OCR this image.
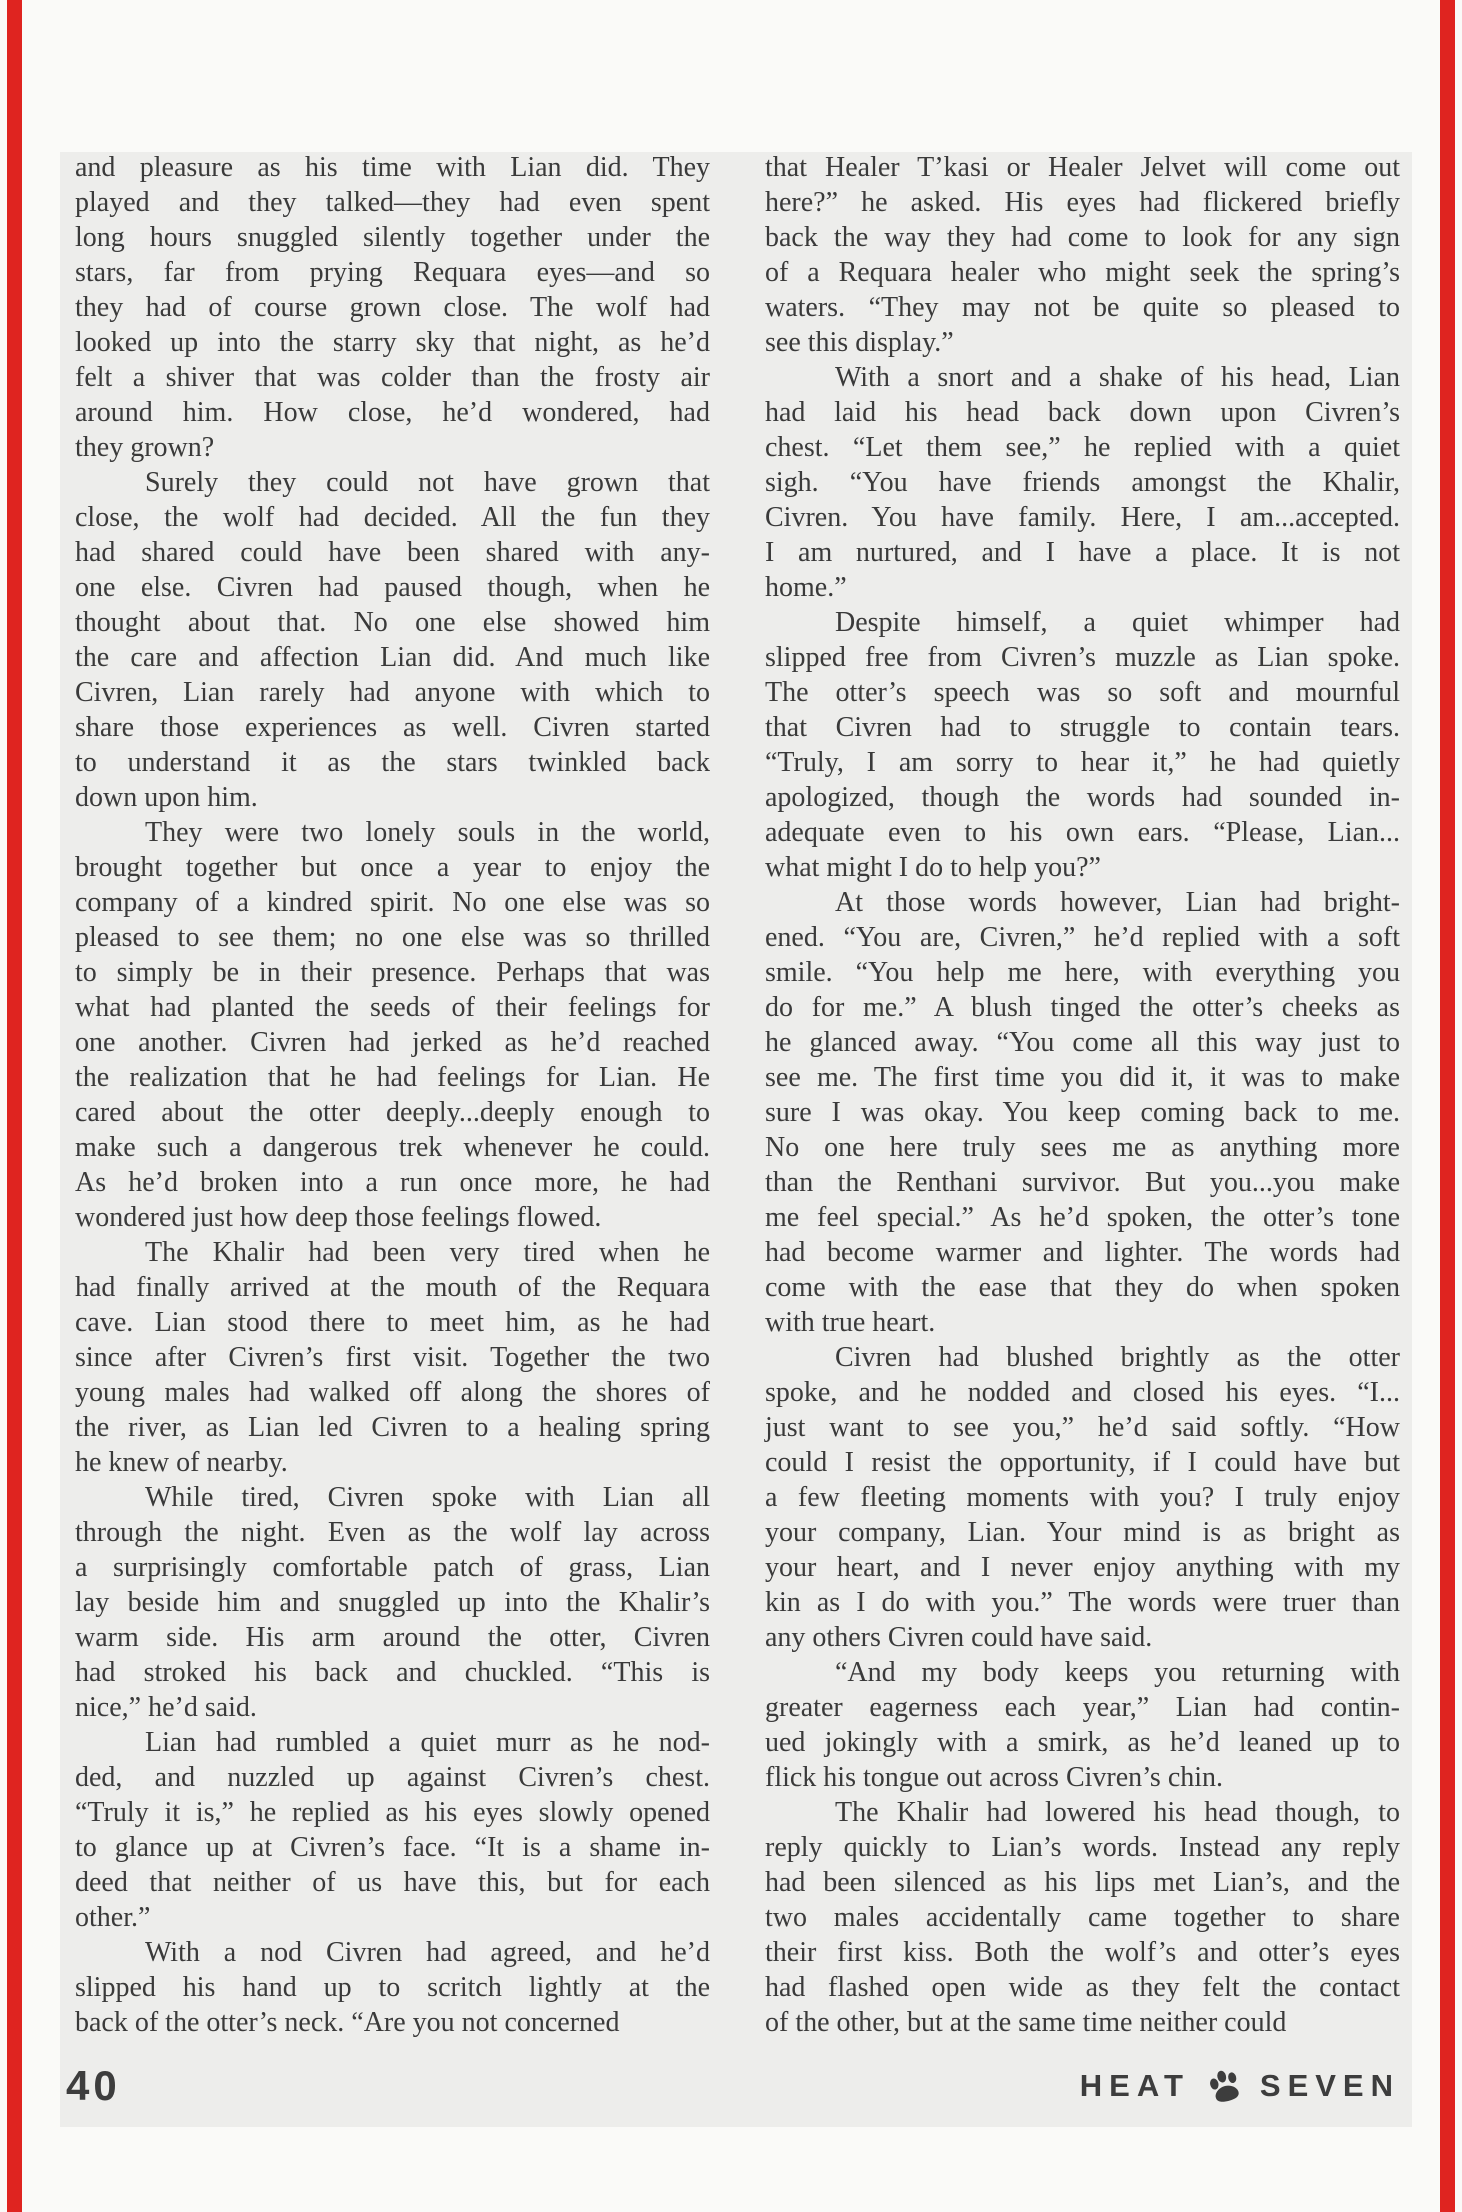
and pleasure as his time with Lian did. They
played and they talked—they had even spent
long hours snuggled silently together under the
stars, far from prying Requara eyes—and so
they had of course grown close. The wolf had
looked up into the starry sky that night, as he’d
felt a shiver that was colder than the frosty air
around him. How close, he’d wondered, had
they grown?
Surely they could not have grown that
close, the wolf had decided. All the fun they
had shared could have been shared with any-
one else. Civren had paused though, when he
thought about that. No one else showed him
the care and affection Lian did. And much like
Civren, Lian rarely had anyone with which to
share those experiences as well. Civren started
to understand it as the stars twinkled back
down upon him.
They were two lonely souls in the world,
brought together but once a year to enjoy the
company of a kindred spirit. No one else was so
pleased to see them; no one else was so thrilled
to simply be in their presence. Perhaps that was
what had planted the seeds of their feelings for
one another. Civren had jerked as he’d reached
the realization that he had feelings for Lian. He
cared about the otter deeply...deeply enough to
make such a dangerous trek whenever he could.
As he’d broken into a run once more, he had
wondered just how deep those feelings flowed.
The Khalir had been very tired when he
had finally arrived at the mouth of the Requara
cave. Lian stood there to meet him, as he had
since after Civren’s first visit. Together the two
young males had walked off along the shores of
the river, as Lian led Civren to a healing spring
he knew of nearby.
While tired, Civren spoke with Lian all
through the night. Even as the wolf lay across
a surprisingly comfortable patch of grass, Lian
lay beside him and snuggled up into the Khalir’s
warm side. His arm around the otter, Civren
had stroked his back and chuckled. “This is
nice,” he’d said.
Lian had rumbled a quiet murr as he nod-
ded, and nuzzled up against Civren’s chest.
“Truly it is,” he replied as his eyes slowly opened
to glance up at Civren’s face. “It is a shame in-
deed that neither of us have this, but for each
other.”
With a nod Civren had agreed, and he’d
slipped his hand up to scritch lightly at the
back of the otter’s neck. “Are you not concerned
that Healer T’kasi or Healer Jelvet will come out
here?” he asked. His eyes had flickered briefly
back the way they had come to look for any sign
of a Requara healer who might seek the spring’s
waters. “They may not be quite so pleased to
see this display.”
With a snort and a shake of his head, Lian
had laid his head back down upon Civren’s
chest. “Let them see,” he replied with a quiet
sigh. “You have friends amongst the Khalir,
Civren. You have family. Here, I am...accepted.
I am nurtured, and I have a place. It is not
home.”
Despite himself, a quiet whimper had
slipped free from Civren’s muzzle as Lian spoke.
The otter’s speech was so soft and mournful
that Civren had to struggle to contain tears.
“Truly, I am sorry to hear it,” he had quietly
apologized, though the words had sounded in-
adequate even to his own ears. “Please, Lian...
what might I do to help you?”
At those words however, Lian had bright-
ened. “You are, Civren,” he’d replied with a soft
smile. “You help me here, with everything you
do for me.” A blush tinged the otter’s cheeks as
he glanced away. “You come all this way just to
see me. The first time you did it, it was to make
sure I was okay. You keep coming back to me.
No one here truly sees me as anything more
than the Renthani survivor. But you...you make
me feel special.” As he’d spoken, the otter’s tone
had become warmer and lighter. The words had
come with the ease that they do when spoken
with true heart.
Civren had blushed brightly as the otter
spoke, and he nodded and closed his eyes. “I...
just want to see you,” he’d said softly. “How
could I resist the opportunity, if I could have but
a few fleeting moments with you? I truly enjoy
your company, Lian. Your mind is as bright as
your heart, and I never enjoy anything with my
kin as I do with you.” The words were truer than
any others Civren could have said.
“And my body keeps you returning with
greater eagerness each year,” Lian had contin-
ued jokingly with a smirk, as he’d leaned up to
flick his tongue out across Civren’s chin.
The Khalir had lowered his head though, to
reply quickly to Lian’s words. Instead any reply
had been silenced as his lips met Lian’s, and the
two males accidentally came together to share
their first kiss. Both the wolf’s and otter’s eyes
had flashed open wide as they felt the contact
of the other, but at the same time neither could
40	HEAT SEVEN
